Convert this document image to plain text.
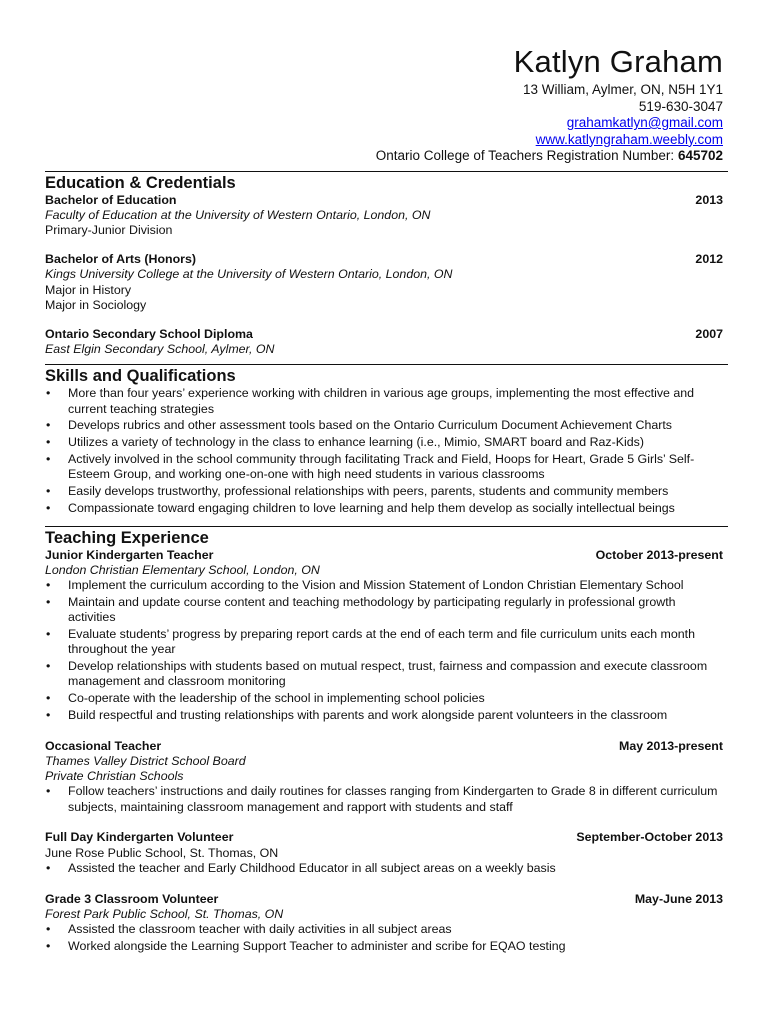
Katlyn Graham
13 William, Aylmer, ON, N5H 1Y1
519-630-3047
grahamkatlyn@gmail.com
www.katlyngraham.weebly.com
Ontario College of Teachers Registration Number: 645702
Education & Credentials
Bachelor of Education	2013
Faculty of Education at the University of Western Ontario, London, ON
Primary-Junior Division
Bachelor of Arts (Honors)	2012
Kings University College at the University of Western Ontario, London, ON
Major in History
Major in Sociology
Ontario Secondary School Diploma	2007
East Elgin Secondary School, Aylmer, ON
Skills and Qualifications
• More than four years’ experience working with children in various age groups, implementing the most effective and current teaching strategies
• Develops rubrics and other assessment tools based on the Ontario Curriculum Document Achievement Charts
• Utilizes a variety of technology in the class to enhance learning (i.e., Mimio, SMART board and Raz-Kids)
• Actively involved in the school community through facilitating Track and Field, Hoops for Heart, Grade 5 Girls’ Self-Esteem Group, and working one-on-one with high need students in various classrooms
• Easily develops trustworthy, professional relationships with peers, parents, students and community members
• Compassionate toward engaging children to love learning and help them develop as socially intellectual beings
Teaching Experience
Junior Kindergarten Teacher	October 2013-present
London Christian Elementary School, London, ON
• Implement the curriculum according to the Vision and Mission Statement of London Christian Elementary School
• Maintain and update course content and teaching methodology by participating regularly in professional growth activities
• Evaluate students’ progress by preparing report cards at the end of each term and file curriculum units each month throughout the year
• Develop relationships with students based on mutual respect, trust, fairness and compassion and execute classroom management and classroom monitoring
• Co-operate with the leadership of the school in implementing school policies
• Build respectful and trusting relationships with parents and work alongside parent volunteers in the classroom
Occasional Teacher	May 2013-present
Thames Valley District School Board
Private Christian Schools
• Follow teachers’ instructions and daily routines for classes ranging from Kindergarten to Grade 8 in different curriculum subjects, maintaining classroom management and rapport with students and staff
Full Day Kindergarten Volunteer	September-October 2013
June Rose Public School, St. Thomas, ON
• Assisted the teacher and Early Childhood Educator in all subject areas on a weekly basis
Grade 3 Classroom Volunteer	May-June 2013
Forest Park Public School, St. Thomas, ON
• Assisted the classroom teacher with daily activities in all subject areas
• Worked alongside the Learning Support Teacher to administer and scribe for EQAO testing
